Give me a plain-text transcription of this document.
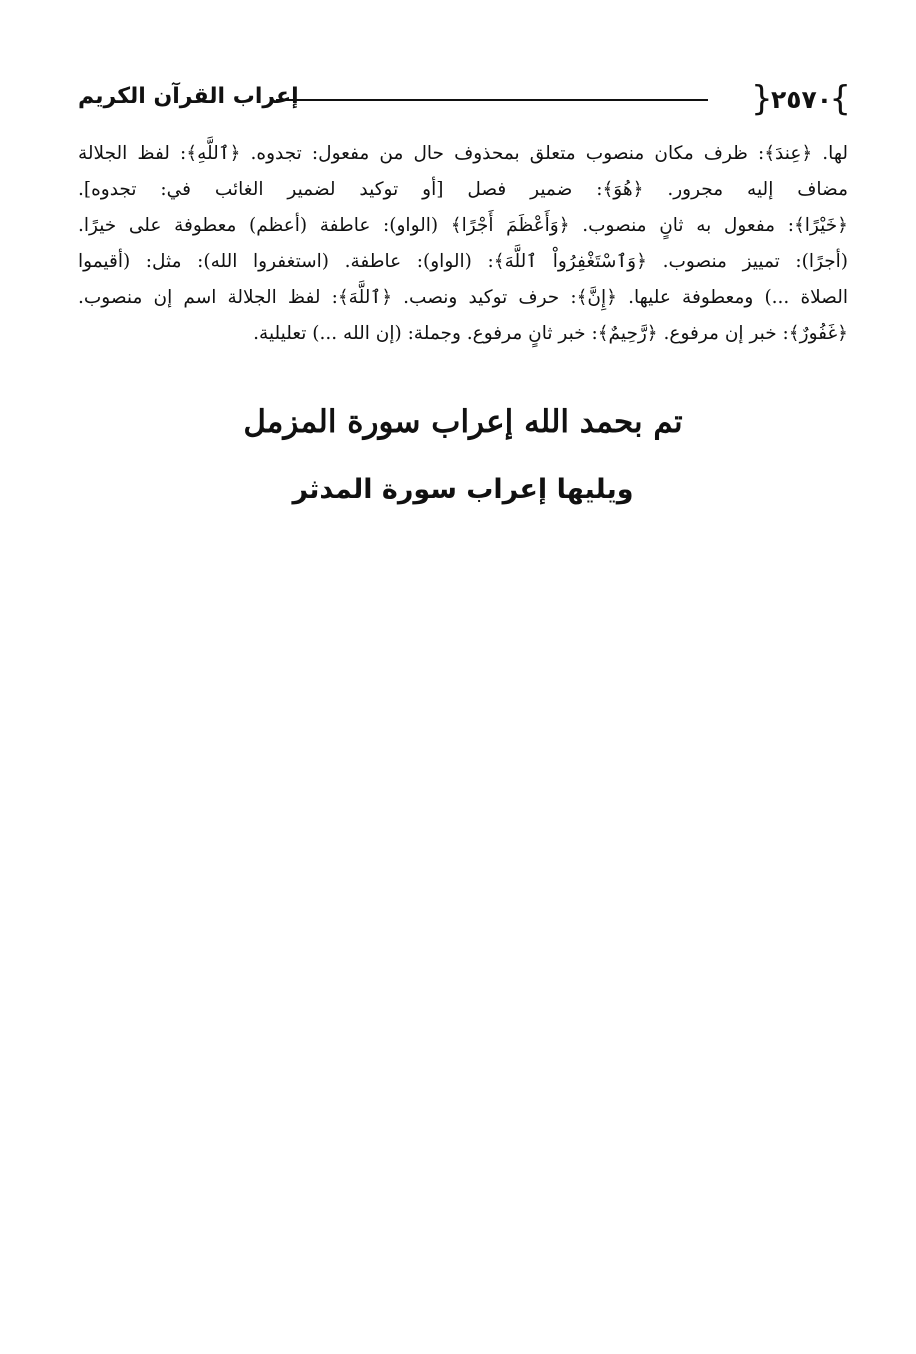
}
٢٥٧٠
{
إعراب القرآن الكريم
لها. ﴿عِندَ﴾: ظرف مكان منصوب متعلق بمحذوف حال من مفعول: تجدوه. ﴿ٱللَّهِ﴾: لفظ الجلالة
مضاف إليه مجرور. ﴿هُوَ﴾: ضمير فصل [أو توكيد لضمير الغائب في: تجدوه].
﴿خَيْرًا﴾: مفعول به ثانٍ منصوب. ﴿وَأَعْظَمَ أَجْرًا﴾ (الواو): عاطفة (أعظم) معطوفة على خيرًا.
(أجرًا): تمييز منصوب. ﴿وَٱسْتَغْفِرُواْ ٱللَّهَ﴾: (الواو): عاطفة. (استغفروا الله): مثل: (أقيموا
الصلاة ...) ومعطوفة عليها. ﴿إِنَّ﴾: حرف توكيد ونصب. ﴿ٱللَّهَ﴾: لفظ الجلالة اسم إن منصوب.
﴿غَفُورٌ﴾: خبر إن مرفوع. ﴿رَّحِيمٌ﴾: خبر ثانٍ مرفوع. وجملة: (إن الله ...) تعليلية.
تم بحمد الله إعراب سورة المزمل
ويليها إعراب سورة المدثر
